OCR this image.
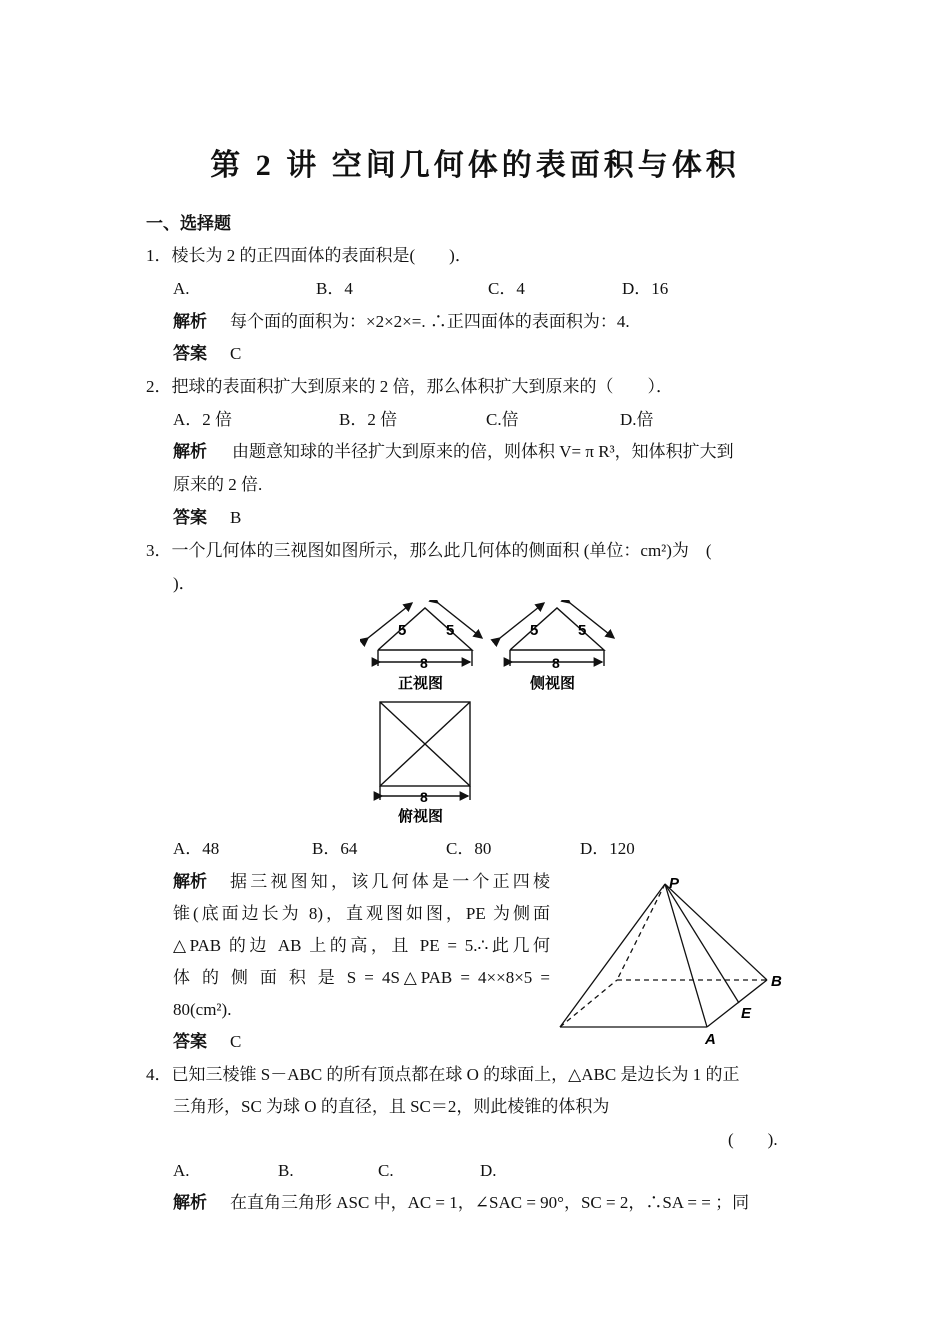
第 2 讲 空间几何体的表面积与体积
一、选择题
1．棱长为 2 的正四面体的表面积是(　　)．
A.	B．4	C．4	D．16
解析 每个面的面积为：×2×2×=. ∴正四面体的表面积为：4.
答案 C
2．把球的表面积扩大到原来的 2 倍，那么体积扩大到原来的（　　）．
A．2 倍	B．2 倍	C.倍	D.倍
解析 由题意知球的半径扩大到原来的倍，则体积 V= π R³，知体积扩大到
原来的 2 倍.
答案 B
3．一个几何体的三视图如图所示，那么此几何体的侧面积 (单位：cm²)为　(
)．
5	5
8
正视图
5	5
8
侧视图
8
俯视图
A．48	B．64	C．80	D．120
解析 据三视图知，该几何体是一个正四棱
锥(底面边长为 8)，直观图如图，PE 为侧面
△PAB 的边 AB 上的高，且 PE = 5.∴此几何
体 的 侧 面 积 是 S = 4S△PAB = 4××8×5 =
80(cm²).
答案 C
P
B
E
A
4．已知三棱锥 S－ABC 的所有顶点都在球 O 的球面上，△ABC 是边长为 1 的正
三角形，SC 为球 O 的直径，且 SC＝2，则此棱锥的体积为
(　　).
A.	B.	C.	D.
解析 在直角三角形 ASC 中，AC = 1，∠SAC = 90°，SC = 2，∴SA = = ；同
